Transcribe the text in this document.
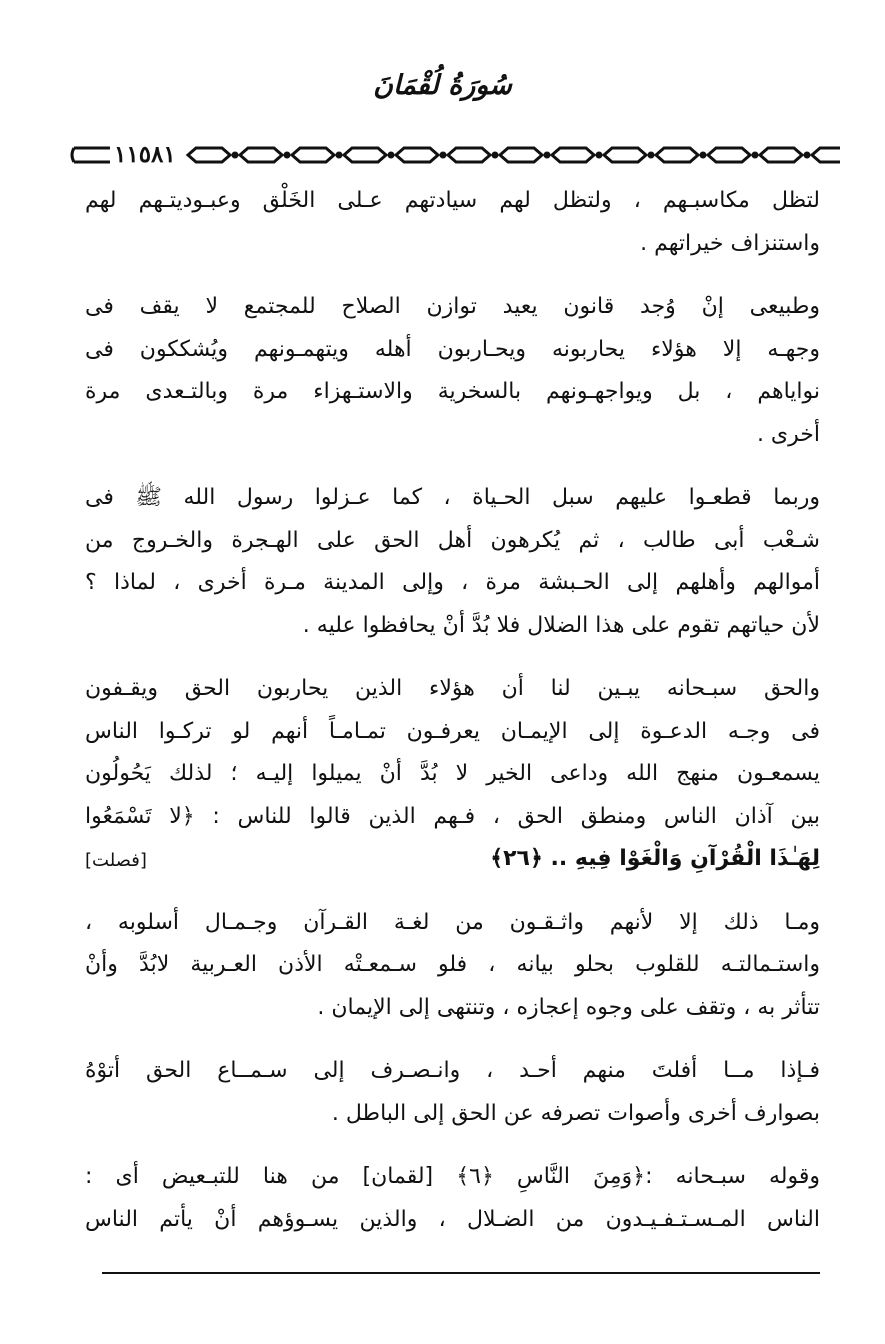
سُورَةُ لُقْمَانَ
١١٥٨١
لتظل مكاسبـهم ، ولتظل لهم سيادتهم عـلى الخَلْق وعبـوديتـهم لهم
واستنزاف خيراتهم .
وطبيعى إنْ وُجد قانون يعيد توازن الصلاح للمجتمع لا يقف فى
وجهـه إلا هؤلاء يحاربونه ويحـاربون أهله ويتهمـونهم ويُشككون فى
نواياهم ، بل ويواجهـونهم بالسخرية والاستـهزاء مرة وبالتـعدى مرة
أخرى .
وربما قطعـوا عليهم سبل الحـياة ، كما عـزلوا رسول الله ﷺ فى
شـعْب أبى طالب ، ثم يُكرهون أهل الحق على الهـجرة والخـروج من
أموالهم وأهلهم إلى الحـبشة مرة ، وإلى المدينة مـرة أخرى ، لماذا ؟
لأن حياتهم تقوم على هذا الضلال فلا بُدَّ أنْ يحافظوا عليه .
والحق سبـحانه يبـين لنا أن هؤلاء الذين يحاربون الحق ويقـفون
فى وجـه الدعـوة إلى الإيمـان يعرفـون تمـامـاً أنهم لو تركـوا الناس
يسمعـون منهج الله وداعى الخير لا بُدَّ أنْ يميلوا إليـه ؛ لذلك يَحُولُون
بين آذان الناس ومنطق الحق ، فـهم الذين قالوا للناس : ﴿لا تَسْمَعُوا
لِهَـٰذَا الْقُرْآنِ وَالْغَوْا فِيهِ .. ﴿٢٦﴾
[فصلت]
ومـا ذلك إلا لأنهم واثـقـون من لغـة القـرآن وجـمـال أسلوبه ،
واستـمالتـه للقلوب بحلو بيانه ، فلو سـمعـتْه الأذن العـربية لابُدَّ وأنْ
تتأثر به ، وتقف على وجوه إعجازه ، وتنتهى إلى الإيمان .
فـإذا مــا أفلتَ منهم أحـد ، وانـصـرف إلى سـمــاع الحق أتوْهُ
بصوارف أخرى وأصوات تصرفه عن الحق إلى الباطل .
وقوله سبـحانه :﴿وَمِنَ النَّاسِ ﴿٦﴾ [لقمان] من هنا للتبـعيض أى :
الناس المـسـتـفـيـدون من الضـلال ، والذين يسـوؤهم أنْ يأتم الناس
